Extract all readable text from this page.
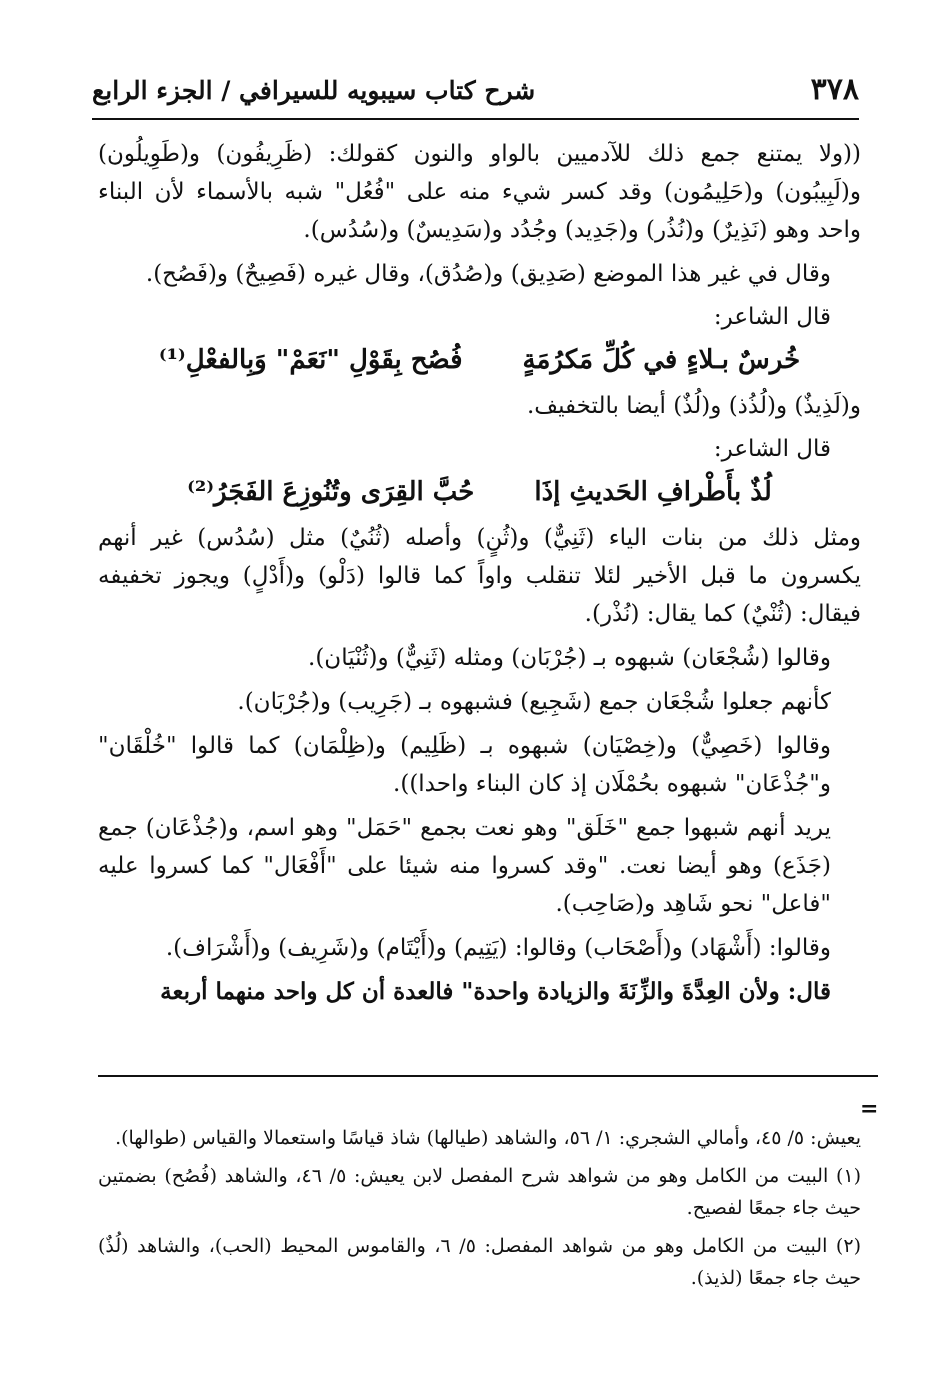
٣٧٨
شرح كتاب سيبويه للسيرافي / الجزء الرابع

((ولا يمتنع جمع ذلك للآدميين بالواو والنون كقولك: (ظَرِيفُون) و(طَوِيلُون) و(لَبِيبُون) و(حَلِيمُون) وقد كسر شيء منه على "فُعُل" شبه بالأسماء لأن البناء واحد وهو (نَذِيرٌ) و(نُذُر) و(جَدِيد) وجُدُد و(سَدِيسٌ) و(سُدُس).

وقال في غير هذا الموضع (صَدِيق) و(صُدُق)، وقال غيره (فَصِيحٌ) و(فَصُح).

قال الشاعر:

خُرسٌ بـلاءٍ في كُلِّ مَكرُمَةٍ
فُصُح بِقَوْلِ "نَعَمْ" وَبِالفعْلِ⁽¹⁾

و(لَذِيذٌ) و(لُذُذ) و(لُذٌ) أيضا بالتخفيف.

قال الشاعر:

لُذٌ بأَطْرافِ الحَديثِ إذَا
حُبَّ القِرَى وتُنُوزِعَ الفَجَرُ⁽²⁾

ومثل ذلك من بنات الياء (ثَنِيٌّ) و(ثُنٍ) وأصله (ثُنُيٌ) مثل (سُدُس) غير أنهم يكسرون ما قبل الأخير لئلا تنقلب واواً كما قالوا (دَلْو) و(أَدْلٍ) ويجوز تخفيفه فيقال: (ثُنْيٌ) كما يقال: (نُذْر).

وقالوا (شُجْعَان) شبهوه بـ (جُرْبَان) ومثله (ثَنِيٌّ) و(ثُنْيَان).

كأنهم جعلوا شُجْعَان جمع (شَجِيع) فشبهوه بـ (جَرِيب) و(جُرْبَان).

وقالوا (خَصِيٌّ) و(خِصْيَان) شبهوه بـ (ظَلِيم) و(ظِلْمَان) كما قالوا "خُلْقَان" و"جُذْعَان" شبهوه بحُمْلَان إذ كان البناء واحدا)).

يريد أنهم شبهوا جمع "خَلَق" وهو نعت بجمع "حَمَل" وهو اسم، و(جُذْعَان) جمع (جَذَع) وهو أيضا نعت. "وقد كسروا منه شيئا على "أَفْعَال" كما كسروا عليه "فاعل" نحو شَاهِد و(صَاحِب).

وقالوا: (أَشْهَاد) و(أَصْحَاب) وقالوا: (يَتِيم) و(أَيْتَام) و(شَرِيف) و(أَشْرَاف).

قال: ولأن العِدَّةَ والزِّنَةَ والزيادة واحدة" فالعدة أن كل واحد منهما أربعة

=

يعيش: ٥/ ٤٥، وأمالي الشجري: ١/ ٥٦، والشاهد (طيالها) شاذ قياسًا واستعمالا والقياس (طوالها).

(١) البيت من الكامل وهو من شواهد شرح المفصل لابن يعيش: ٥/ ٤٦، والشاهد (فُصُح) بضمتين حيث جاء جمعًا لفصيح.

(٢) البيت من الكامل وهو من شواهد المفصل: ٥/ ٦، والقاموس المحيط (الحب)، والشاهد (لُذٌ) حيث جاء جمعًا (لذيذ).
